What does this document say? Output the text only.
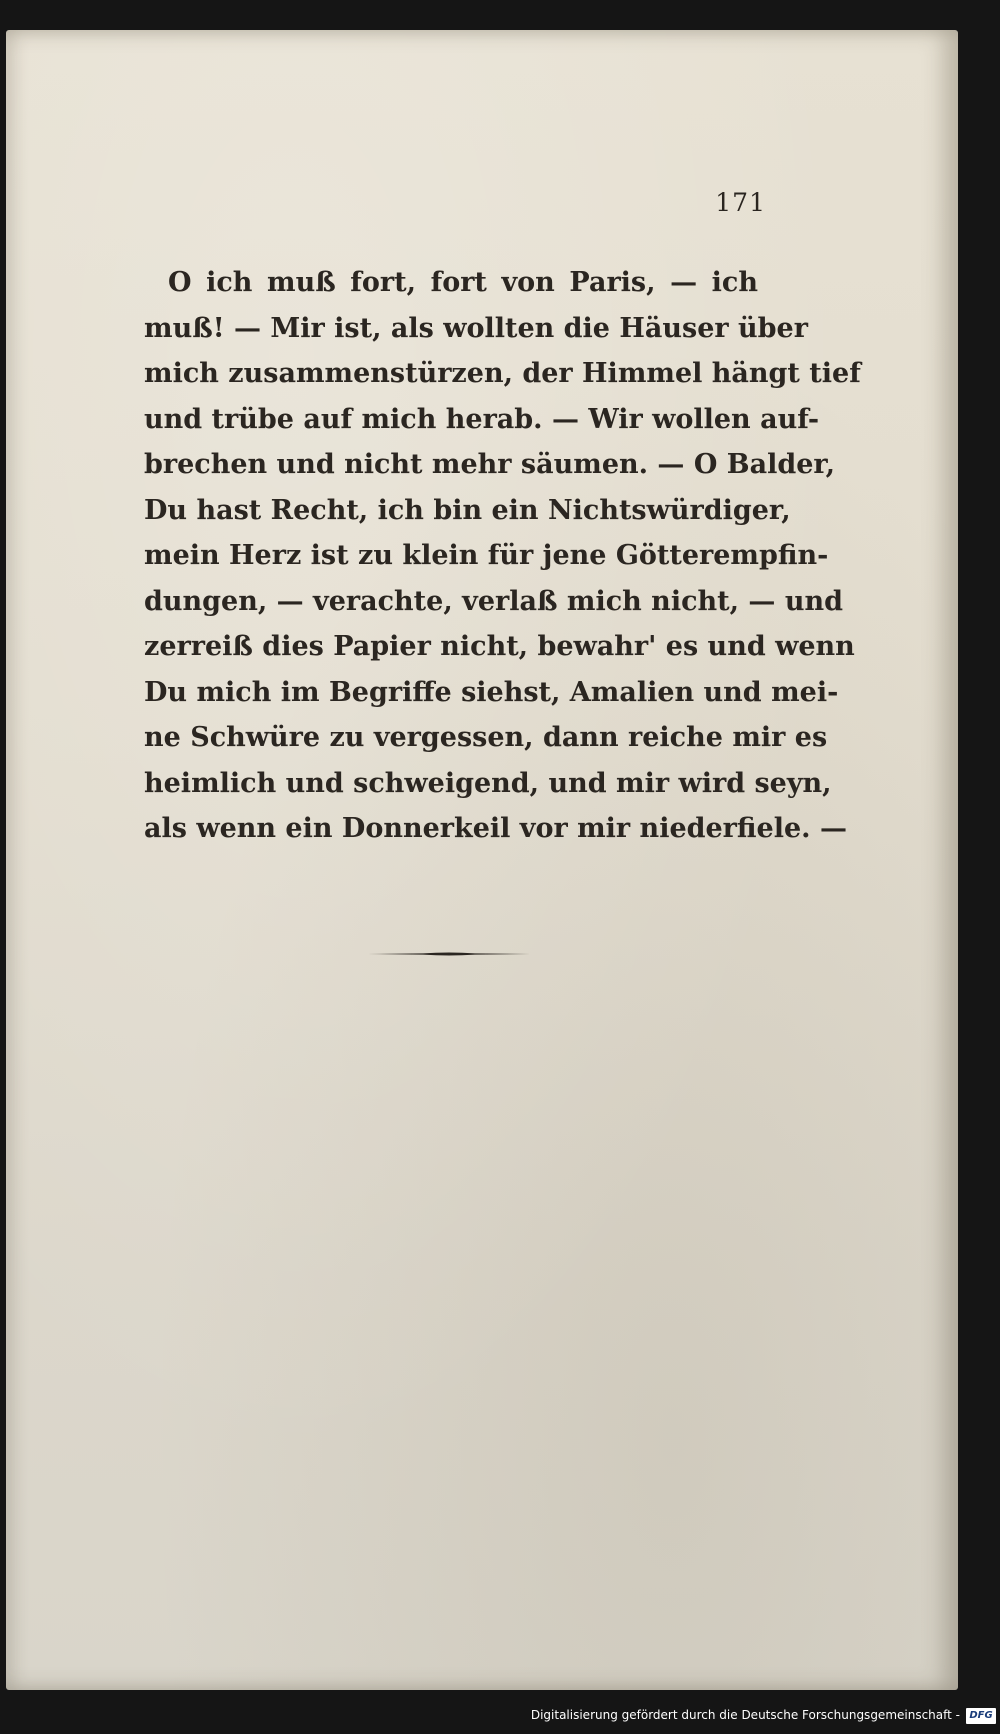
171
O ich muß fort, fort von Paris, — ich
muß! — Mir ist, als wollten die Häuser über
mich zusammenstürzen, der Himmel hängt tief
und trübe auf mich herab. — Wir wollen auf-
brechen und nicht mehr säumen. — O Balder,
Du hast Recht, ich bin ein Nichtswürdiger,
mein Herz ist zu klein für jene Götterempfin-
dungen, — verachte, verlaß mich nicht, — und
zerreiß dies Papier nicht, bewahr' es und wenn
Du mich im Begriffe siehst, Amalien und mei-
ne Schwüre zu vergessen, dann reiche mir es
heimlich und schweigend, und mir wird seyn,
als wenn ein Donnerkeil vor mir niederfiele. —
Digitalisierung gefördert durch die Deutsche Forschungsgemeinschaft - DFG
